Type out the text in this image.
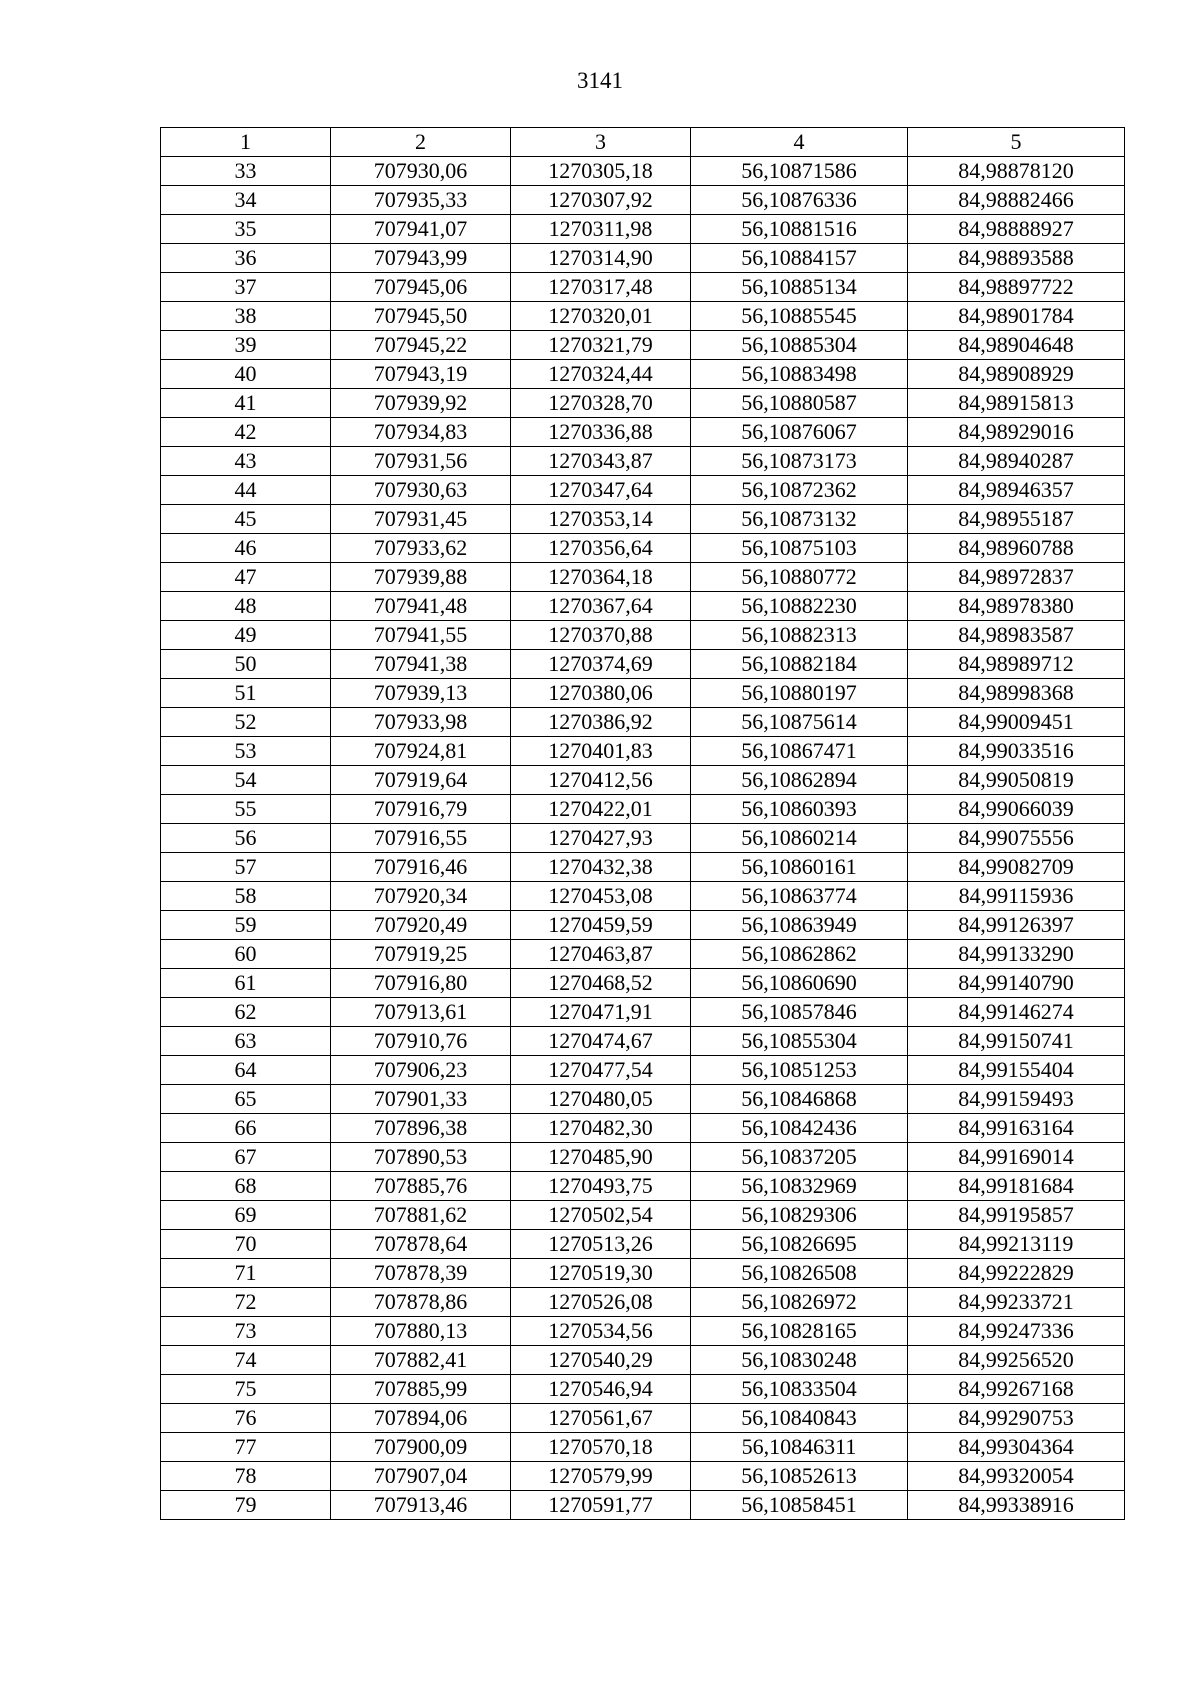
3141
1	2	3	4	5
33	707930,06	1270305,18	56,10871586	84,98878120
34	707935,33	1270307,92	56,10876336	84,98882466
35	707941,07	1270311,98	56,10881516	84,98888927
36	707943,99	1270314,90	56,10884157	84,98893588
37	707945,06	1270317,48	56,10885134	84,98897722
38	707945,50	1270320,01	56,10885545	84,98901784
39	707945,22	1270321,79	56,10885304	84,98904648
40	707943,19	1270324,44	56,10883498	84,98908929
41	707939,92	1270328,70	56,10880587	84,98915813
42	707934,83	1270336,88	56,10876067	84,98929016
43	707931,56	1270343,87	56,10873173	84,98940287
44	707930,63	1270347,64	56,10872362	84,98946357
45	707931,45	1270353,14	56,10873132	84,98955187
46	707933,62	1270356,64	56,10875103	84,98960788
47	707939,88	1270364,18	56,10880772	84,98972837
48	707941,48	1270367,64	56,10882230	84,98978380
49	707941,55	1270370,88	56,10882313	84,98983587
50	707941,38	1270374,69	56,10882184	84,98989712
51	707939,13	1270380,06	56,10880197	84,98998368
52	707933,98	1270386,92	56,10875614	84,99009451
53	707924,81	1270401,83	56,10867471	84,99033516
54	707919,64	1270412,56	56,10862894	84,99050819
55	707916,79	1270422,01	56,10860393	84,99066039
56	707916,55	1270427,93	56,10860214	84,99075556
57	707916,46	1270432,38	56,10860161	84,99082709
58	707920,34	1270453,08	56,10863774	84,99115936
59	707920,49	1270459,59	56,10863949	84,99126397
60	707919,25	1270463,87	56,10862862	84,99133290
61	707916,80	1270468,52	56,10860690	84,99140790
62	707913,61	1270471,91	56,10857846	84,99146274
63	707910,76	1270474,67	56,10855304	84,99150741
64	707906,23	1270477,54	56,10851253	84,99155404
65	707901,33	1270480,05	56,10846868	84,99159493
66	707896,38	1270482,30	56,10842436	84,99163164
67	707890,53	1270485,90	56,10837205	84,99169014
68	707885,76	1270493,75	56,10832969	84,99181684
69	707881,62	1270502,54	56,10829306	84,99195857
70	707878,64	1270513,26	56,10826695	84,99213119
71	707878,39	1270519,30	56,10826508	84,99222829
72	707878,86	1270526,08	56,10826972	84,99233721
73	707880,13	1270534,56	56,10828165	84,99247336
74	707882,41	1270540,29	56,10830248	84,99256520
75	707885,99	1270546,94	56,10833504	84,99267168
76	707894,06	1270561,67	56,10840843	84,99290753
77	707900,09	1270570,18	56,10846311	84,99304364
78	707907,04	1270579,99	56,10852613	84,99320054
79	707913,46	1270591,77	56,10858451	84,99338916
